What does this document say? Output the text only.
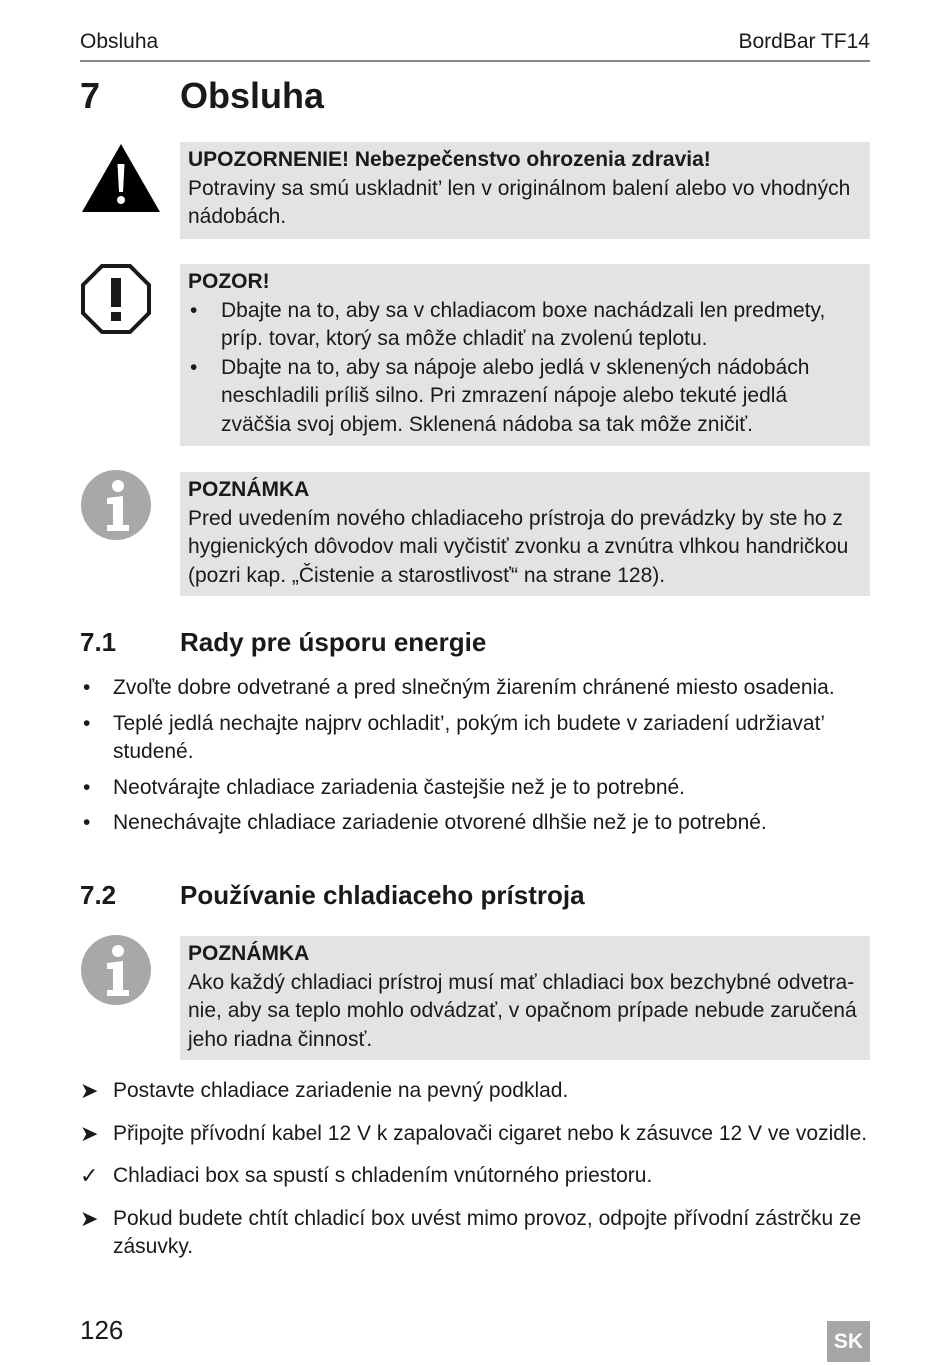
Obsluha	BordBar TF14
7 Obsluha
UPOZORNENIE! Nebezpečenstvo ohrozenia zdravia!
Potraviny sa smú uskladnit’ len v originálnom balení alebo vo vhodných nádobách.
POZOR!
• Dbajte na to, aby sa v chladiacom boxe nachádzali len predmety, príp. tovar, ktorý sa môže chladiť na zvolenú teplotu.
• Dbajte na to, aby sa nápoje alebo jedlá v sklenených nádobách neschladili príliš silno. Pri zmrazení nápoje alebo tekuté jedlá zväčšia svoj objem. Sklenená nádoba sa tak môže zničiť.
POZNÁMKA
Pred uvedením nového chladiaceho prístroja do prevádzky by ste ho z hygienických dôvodov mali vyčistiť zvonku a zvnútra vlhkou handričkou (pozri kap. „Čistenie a starostlivosť“ na strane 128).
7.1 Rady pre úsporu energie
• Zvoľte dobre odvetrané a pred slnečným žiarením chránené miesto osadenia.
• Teplé jedlá nechajte najprv ochladit’, pokým ich budete v zariadení udržiavat’ studené.
• Neotvárajte chladiace zariadenia častejšie než je to potrebné.
• Nenechávajte chladiace zariadenie otvorené dlhšie než je to potrebné.
7.2 Používanie chladiaceho prístroja
POZNÁMKA
Ako každý chladiaci prístroj musí mať chladiaci box bezchybné odvetra-nie, aby sa teplo mohlo odvádzať, v opačnom prípade nebude zaručená jeho riadna činnosť.
➤ Postavte chladiace zariadenie na pevný podklad.
➤ Připojte přívodní kabel 12 V k zapalovači cigaret nebo k zásuvce 12 V ve vozidle.
✓ Chladiaci box sa spustí s chladením vnútorného priestoru.
➤ Pokud budete chtít chladicí box uvést mimo provoz, odpojte přívodní zástrčku ze zásuvky.
126	SK
